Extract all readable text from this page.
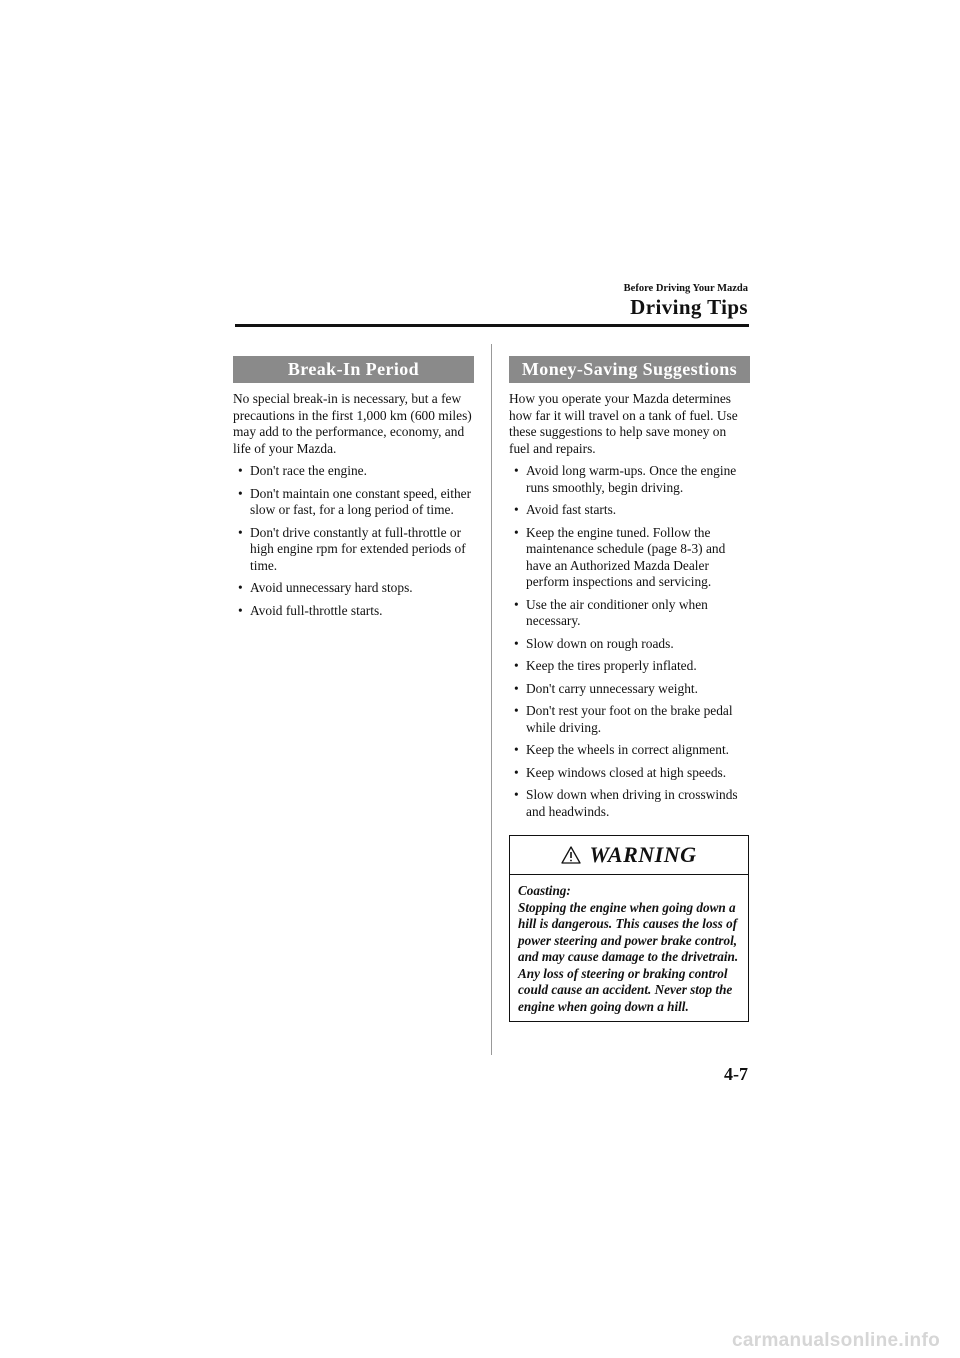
Before Driving Your Mazda
Driving Tips
Break-In Period

No special break-in is necessary, but a few precautions in the first 1,000 km (600 miles) may add to the performance, economy, and life of your Mazda.

• Don't race the engine.
• Don't maintain one constant speed, either slow or fast, for a long period of time.
• Don't drive constantly at full-throttle or high engine rpm for extended periods of time.
• Avoid unnecessary hard stops.
• Avoid full-throttle starts.
Money-Saving Suggestions

How you operate your Mazda determines how far it will travel on a tank of fuel. Use these suggestions to help save money on fuel and repairs.

• Avoid long warm-ups. Once the engine runs smoothly, begin driving.
• Avoid fast starts.
• Keep the engine tuned. Follow the maintenance schedule (page 8-3) and have an Authorized Mazda Dealer perform inspections and servicing.
• Use the air conditioner only when necessary.
• Slow down on rough roads.
• Keep the tires properly inflated.
• Don't carry unnecessary weight.
• Don't rest your foot on the brake pedal while driving.
• Keep the wheels in correct alignment.
• Keep windows closed at high speeds.
• Slow down when driving in crosswinds and headwinds.
WARNING

Coasting:

Stopping the engine when going down a hill is dangerous. This causes the loss of power steering and power brake control, and may cause damage to the drivetrain. Any loss of steering or braking control could cause an accident. Never stop the engine when going down a hill.

4-7
carmanualsonline.info
